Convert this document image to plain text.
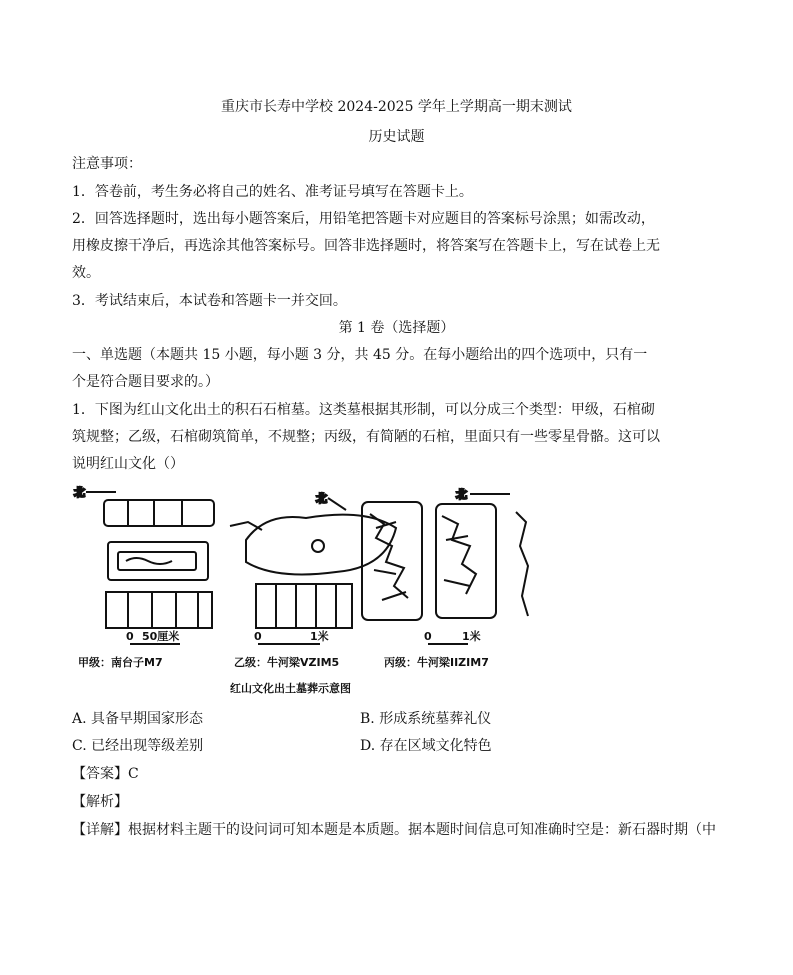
重庆市长寿中学校 2024-2025 学年上学期高一期末测试
历史试题
注意事项：
1．答卷前，考生务必将自己的姓名、准考证号填写在答题卡上。
2．回答选择题时，选出每小题答案后，用铅笔把答题卡对应题目的答案标号涂黑；如需改动，
用橡皮擦干净后，再选涂其他答案标号。回答非选择题时，将答案写在答题卡上，写在试卷上无
效。
3．考试结束后，本试卷和答题卡一并交回。
第 1 卷（选择题）
一、单选题（本题共 15 小题，每小题 3 分，共 45 分。在每小题给出的四个选项中，只有一
个是符合题目要求的。）
1．下图为红山文化出土的积石石棺墓。这类墓根据其形制，可以分成三个类型：甲级，石棺砌
筑规整；乙级，石棺砌筑简单，不规整；丙级，有简陋的石棺，里面只有一些零星骨骼。这可以
说明红山文化（）
北	北	北
0 50厘米	0	1米	0	1米
甲级：南台子M7	乙级：牛河梁VZIM5	丙级：牛河梁IIZIM7
红山文化出土墓葬示意图
A. 具备早期国家形态	B. 形成系统墓葬礼仪
C. 已经出现等级差别	D. 存在区域文化特色
【答案】C
【解析】
【详解】根据材料主题干的设问词可知本题是本质题。据本题时间信息可知准确时空是：新石器时期（中
